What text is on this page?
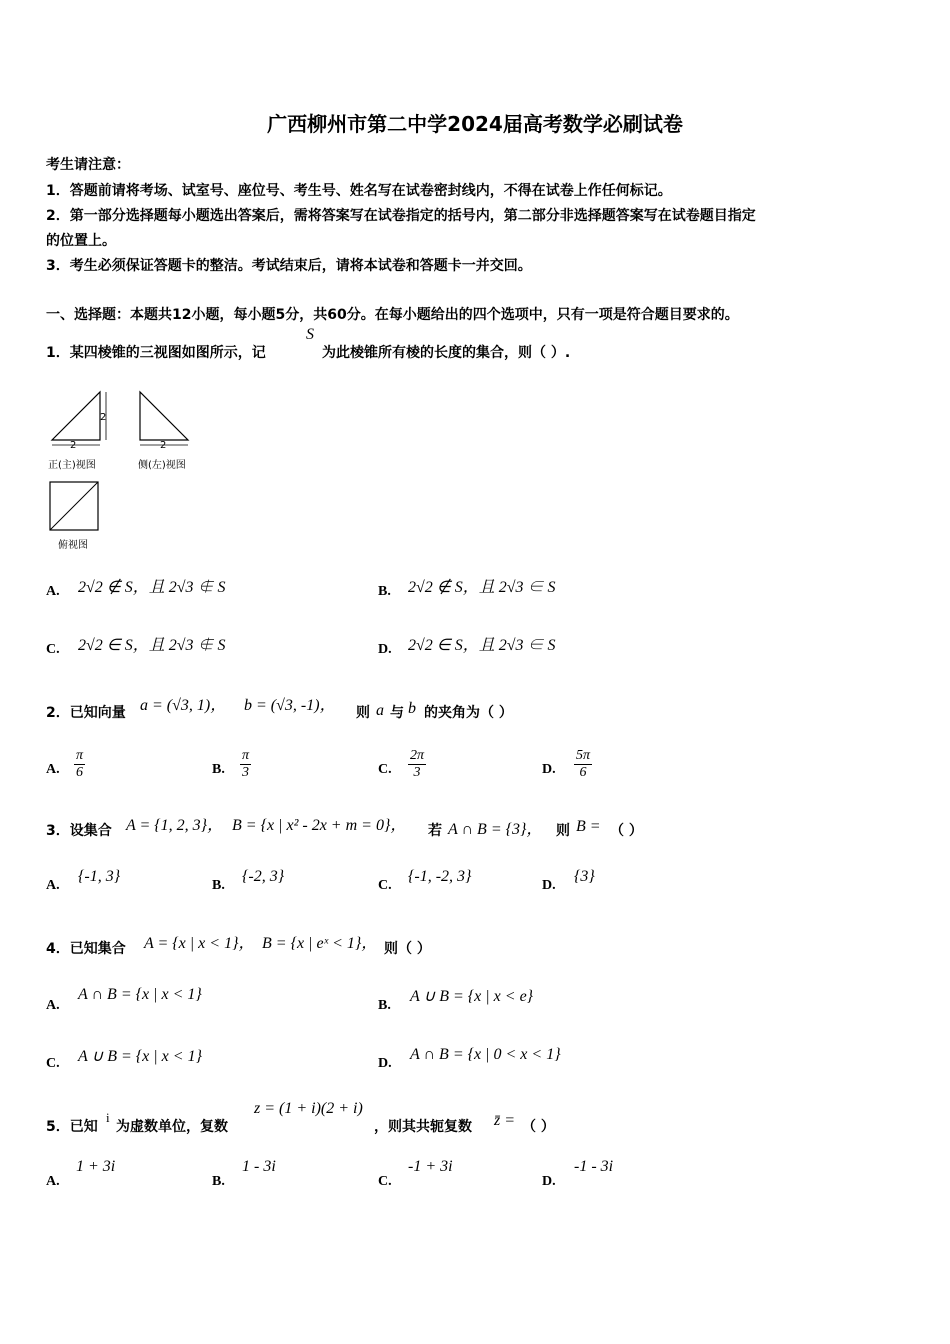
广西柳州市第二中学2024届高考数学必刷试卷
考生请注意：
1．答题前请将考场、试室号、座位号、考生号、姓名写在试卷密封线内，不得在试卷上作任何标记。
2．第一部分选择题每小题选出答案后，需将答案写在试卷指定的括号内，第二部分非选择题答案写在试卷题目指定
的位置上。
3．考生必须保证答题卡的整洁。考试结束后，请将本试卷和答题卡一并交回。
一、选择题：本题共12小题，每小题5分，共60分。在每小题给出的四个选项中，只有一项是符合题目要求的。
1．某四棱锥的三视图如图所示，记
S
为此棱锥所有棱的长度的集合，则（ ）.
2
2
正(主)视图
2
侧(左)视图
俯视图
A. 2√2 ∉ S，且 2√3 ∉ S	B. 2√2 ∉ S，且 2√3 ∈ S
C. 2√2 ∈ S，且 2√3 ∉ S	D. 2√2 ∈ S，且 2√3 ∈ S
2．已知向量 a = (√3, 1)， b = (√3, -1)， 则 a 与 b 的夹角为（ ）
A. $\frac{\pi}{6}$	B. $\frac{\pi}{3}$	C. $\frac{2\pi}{3}$	D. $\frac{5\pi}{6}$
3．设集合 A = {1, 2, 3}， B = {x | x² - 2x + m = 0}， 若 A ∩ B = {3}， 则 B = （ ）
A.
{-1, 3}
B.
{-2, 3}
C.
{-1, -2, 3}
D.
{3}
4．已知集合 A = {x | x < 1}， B = {x | eˣ < 1}， 则（ ）
A.
A ∩ B = {x | x < 1}
B.
A ∪ B = {x | x < e}
C. A ∪ B = {x | x < 1}	D.
A ∩ B = {x | 0 < x < 1}
5．已知
i
为虚数单位，复数
z = (1 + i)(2 + i)
，则其共轭复数 z̄ = （ ）
A.
1 + 3i
B.
1 - 3i
C.
-1 + 3i
D.
-1 - 3i
